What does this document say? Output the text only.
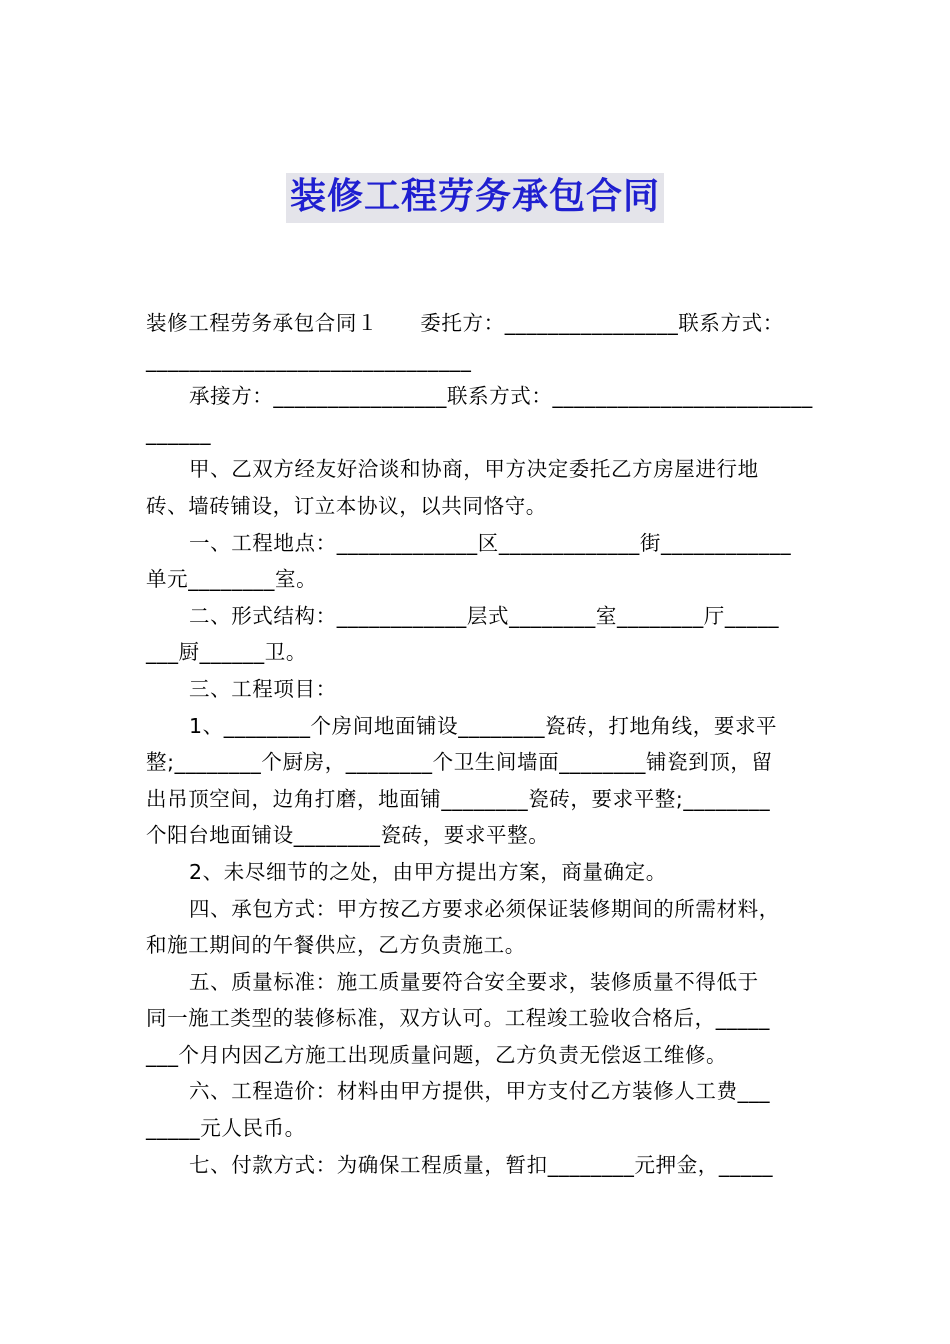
装修工程劳务承包合同

装修工程劳务承包合同１　　委托方：________________联系方式：

______________________________

承接方：________________联系方式：________________________

______

甲、乙双方经友好洽谈和协商，甲方决定委托乙方房屋进行地

砖、墙砖铺设，订立本协议，以共同恪守。

一、工程地点：_____________区_____________街____________

单元________室。

二、形式结构：____________层式________室________厅_____

___厨______卫。

三、工程项目：

1、________个房间地面铺设________瓷砖，打地角线，要求平

整;________个厨房，________个卫生间墙面________铺瓷到顶，留

出吊顶空间，边角打磨，地面铺________瓷砖，要求平整;________

个阳台地面铺设________瓷砖，要求平整。

2、未尽细节的之处，由甲方提出方案，商量确定。

四、承包方式：甲方按乙方要求必须保证装修期间的所需材料，

和施工期间的午餐供应，乙方负责施工。

五、质量标准：施工质量要符合安全要求，装修质量不得低于

同一施工类型的装修标准，双方认可。工程竣工验收合格后，_____

___个月内因乙方施工出现质量问题，乙方负责无偿返工维修。

六、工程造价：材料由甲方提供，甲方支付乙方装修人工费___

_____元人民币。

七、付款方式：为确保工程质量，暂扣________元押金，_____
